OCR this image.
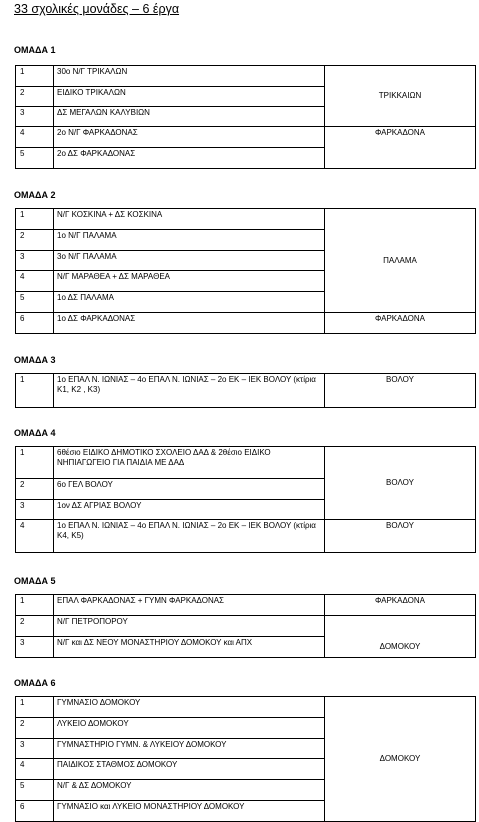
33 σχολικές μονάδες – 6 έργα
ΟΜΑΔΑ 1
1	30ο Ν/Γ ΤΡΙΚΑΛΩΝ	ΤΡΙΚΚΑΙΩΝ
2	ΕΙΔΙΚΟ ΤΡΙΚΑΛΩΝ	
3	ΔΣ ΜΕΓΑΛΩΝ ΚΑΛΥΒΙΩΝ	
4	2ο Ν/Γ ΦΑΡΚΑΔΟΝΑΣ	ΦΑΡΚΑΔΟΝΑ
5	2ο ΔΣ ΦΑΡΚΑΔΟΝΑΣ	
ΟΜΑΔΑ 2
1	Ν/Γ ΚΟΣΚΙΝΑ + ΔΣ ΚΟΣΚΙΝΑ	ΠΑΛΑΜΑ
2	1ο Ν/Γ ΠΑΛΑΜΑ	
3	3ο Ν/Γ ΠΑΛΑΜΑ	
4	Ν/Γ ΜΑΡΑΘΕΑ + ΔΣ ΜΑΡΑΘΕΑ	
5	1ο ΔΣ ΠΑΛΑΜΑ	
6	1ο ΔΣ ΦΑΡΚΑΔΟΝΑΣ	ΦΑΡΚΑΔΟΝΑ
ΟΜΑΔΑ 3
1	1ο ΕΠΑΛ Ν. ΙΩΝΙΑΣ – 4ο ΕΠΑΛ Ν. ΙΩΝΙΑΣ – 2ο ΕΚ – ΙΕΚ ΒΟΛΟΥ (κτίρια Κ1, Κ2 , Κ3)	ΒΟΛΟΥ
ΟΜΑΔΑ 4
1	6θέσιο ΕΙΔΙΚΟ ΔΗΜΟΤΙΚΟ ΣΧΟΛΕΙΟ ΔΑΔ & 2θέσιο ΕΙΔΙΚΟ ΝΗΠΙΑΓΩΓΕΙΟ ΓΙΑ ΠΑΙΔΙΑ ΜΕ ΔΑΔ	ΒΟΛΟΥ
2	6ο ΓΕΛ ΒΟΛΟΥ	
3	1ον ΔΣ ΑΓΡΙΑΣ ΒΟΛΟΥ	
4	1ο ΕΠΑΛ Ν. ΙΩΝΙΑΣ – 4ο ΕΠΑΛ Ν. ΙΩΝΙΑΣ – 2ο ΕΚ – ΙΕΚ ΒΟΛΟΥ (κτίρια Κ4, Κ5)	ΒΟΛΟΥ
ΟΜΑΔΑ 5
1	ΕΠΑΛ ΦΑΡΚΑΔΟΝΑΣ + ΓΥΜΝ ΦΑΡΚΑΔΟΝΑΣ	ΦΑΡΚΑΔΟΝΑ
2	Ν/Γ ΠΕΤΡΟΠΟΡΟΥ	ΔΟΜΟΚΟΥ
3	Ν/Γ και ΔΣ ΝΕΟΥ ΜΟΝΑΣΤΗΡΙΟΥ ΔΟΜΟΚΟΥ και ΑΠΧ	
ΟΜΑΔΑ 6
1	ΓΥΜΝΑΣΙΟ ΔΟΜΟΚΟΥ	ΔΟΜΟΚΟΥ
2	ΛΥΚΕΙΟ ΔΟΜΟΚΟΥ	
3	ΓΥΜΝΑΣΤΗΡΙΟ ΓΥΜΝ. & ΛΥΚΕΙΟΥ ΔΟΜΟΚΟΥ	
4	ΠΑΙΔΙΚΟΣ ΣΤΑΘΜΟΣ ΔΟΜΟΚΟΥ	
5	Ν/Γ & ΔΣ ΔΟΜΟΚΟΥ	
6	ΓΥΜΝΑΣΙΟ και ΛΥΚΕΙΟ ΜΟΝΑΣΤΗΡΙΟΥ ΔΟΜΟΚΟΥ	
